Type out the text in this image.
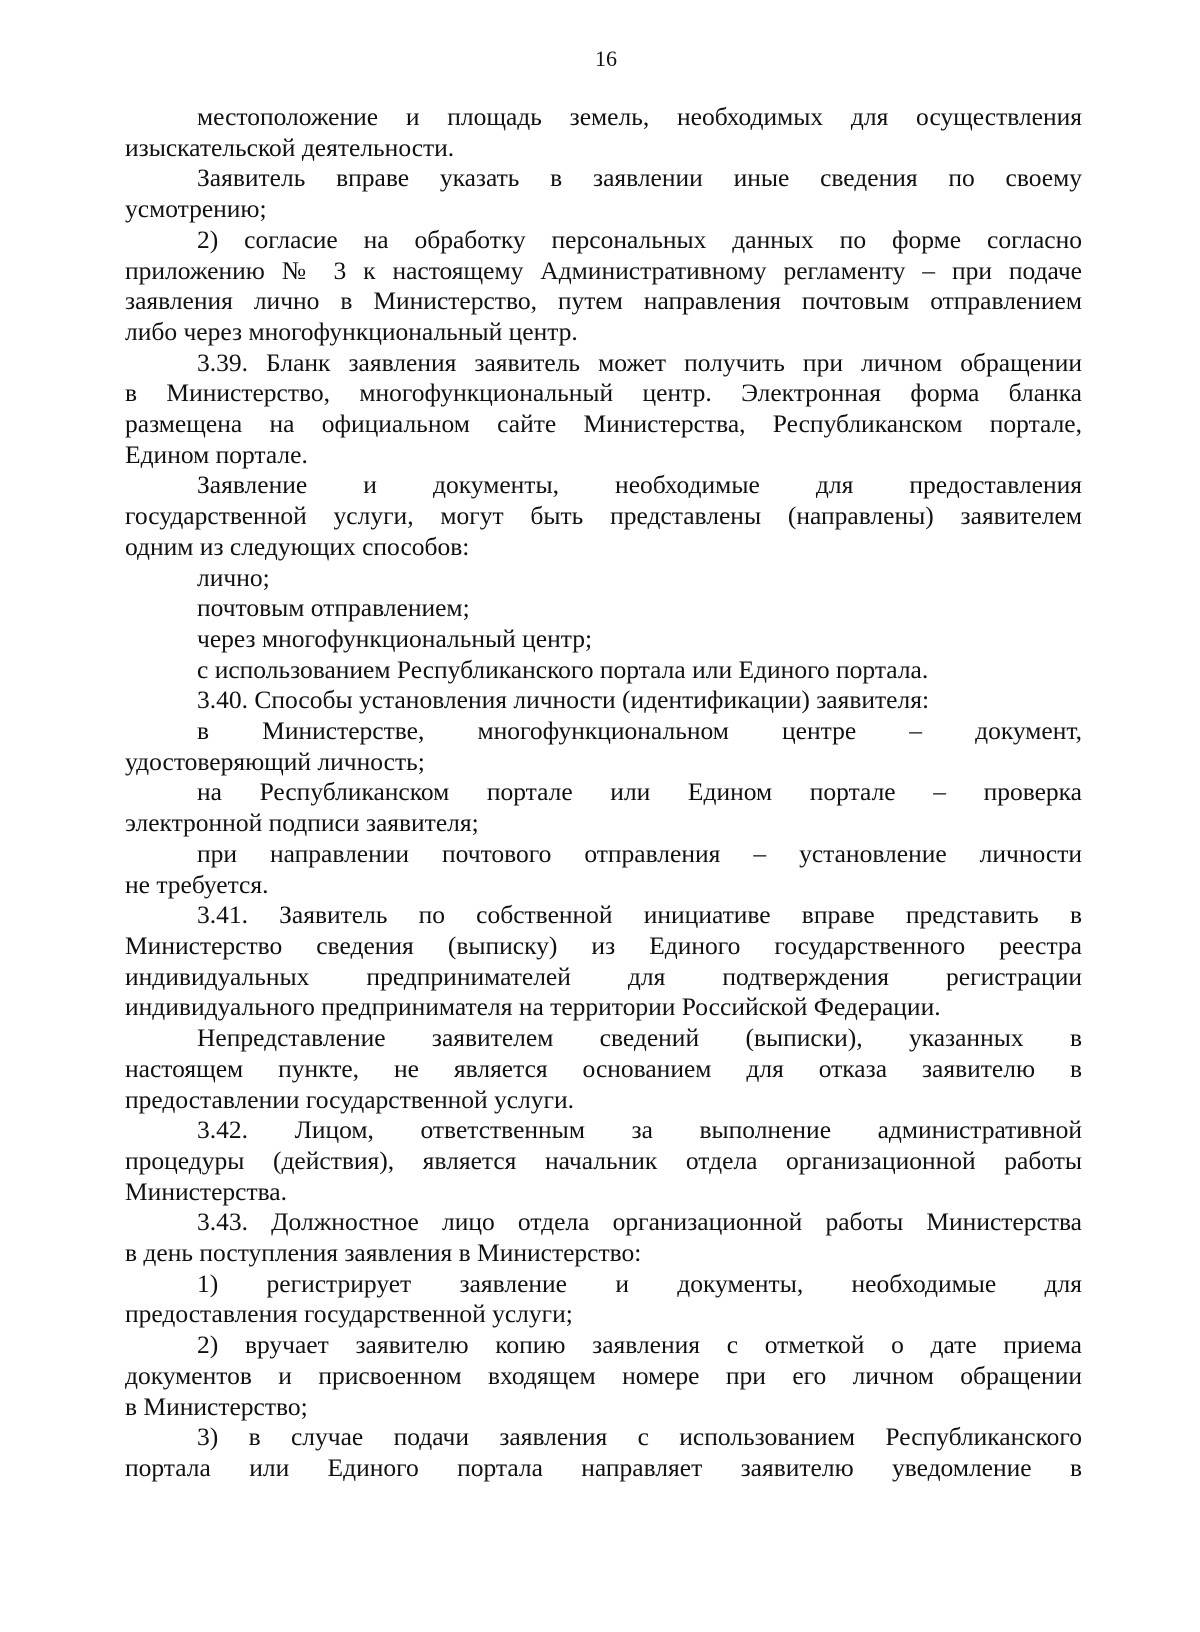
16
местоположение и площадь земель, необходимых для осуществления
изыскательской деятельности.
Заявитель вправе указать в заявлении иные сведения по своему
усмотрению;
2) согласие на обработку персональных данных по форме согласно
приложению № 3 к настоящему Административному регламенту – при подаче
заявления лично в Министерство, путем направления почтовым отправлением
либо через многофункциональный центр.
3.39. Бланк заявления заявитель может получить при личном обращении
в Министерство, многофункциональный центр. Электронная форма бланка
размещена на официальном сайте Министерства, Республиканском портале,
Едином портале.
Заявление и документы, необходимые для предоставления
государственной услуги, могут быть представлены (направлены) заявителем
одним из следующих способов:
лично;
почтовым отправлением;
через многофункциональный центр;
с использованием Республиканского портала или Единого портала.
3.40. Способы установления личности (идентификации) заявителя:
в Министерстве, многофункциональном центре – документ,
удостоверяющий личность;
на Республиканском портале или Едином портале – проверка
электронной подписи заявителя;
при направлении почтового отправления – установление личности
не требуется.
3.41. Заявитель по собственной инициативе вправе представить в
Министерство сведения (выписку) из Единого государственного реестра
индивидуальных предпринимателей для подтверждения регистрации
индивидуального предпринимателя на территории Российской Федерации.
Непредставление заявителем сведений (выписки), указанных в
настоящем пункте, не является основанием для отказа заявителю в
предоставлении государственной услуги.
3.42. Лицом, ответственным за выполнение административной
процедуры (действия), является начальник отдела организационной работы
Министерства.
3.43. Должностное лицо отдела организационной работы Министерства
в день поступления заявления в Министерство:
1) регистрирует заявление и документы, необходимые для
предоставления государственной услуги;
2) вручает заявителю копию заявления с отметкой о дате приема
документов и присвоенном входящем номере при его личном обращении
в Министерство;
3) в случае подачи заявления с использованием Республиканского
портала или Единого портала направляет заявителю уведомление в
